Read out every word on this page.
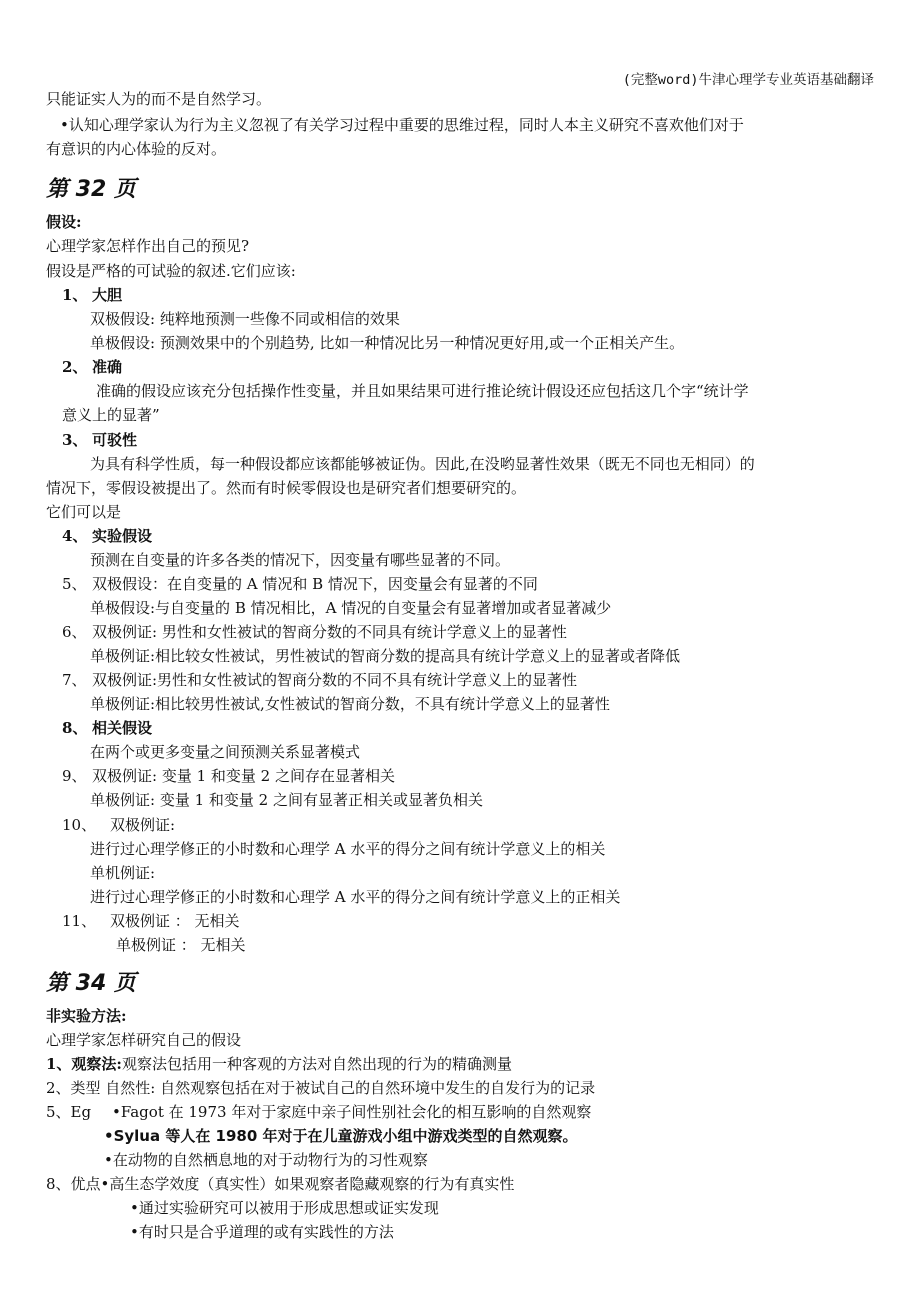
(完整word)牛津心理学专业英语基础翻译
只能证实人为的而不是自然学习。
•认知心理学家认为行为主义忽视了有关学习过程中重要的思维过程，同时人本主义研究不喜欢他们对于
有意识的内心体验的反对。
第 32 页
假设:
心理学家怎样作出自己的预见?
假设是严格的可试验的叙述.它们应该:
1、 大胆
双极假设: 纯粹地预测一些像不同或相信的效果
单极假设: 预测效果中的个别趋势, 比如一种情况比另一种情况更好用,或一个正相关产生。
2、 准确
准确的假设应该充分包括操作性变量，并且如果结果可进行推论统计假设还应包括这几个字“统计学
意义上的显著”
3、 可驳性
为具有科学性质，每一种假设都应该都能够被证伪。因此,在没哟显著性效果（既无不同也无相同）的
情况下，零假设被提出了。然而有时候零假设也是研究者们想要研究的。
它们可以是
4、 实验假设
预测在自变量的许多各类的情况下，因变量有哪些显著的不同。
5、 双极假设：在自变量的 A 情况和 B 情况下，因变量会有显著的不同
单极假设:与自变量的 B 情况相比，A 情况的自变量会有显著增加或者显著减少
6、 双极例证: 男性和女性被试的智商分数的不同具有统计学意义上的显著性
单极例证:相比较女性被试，男性被试的智商分数的提高具有统计学意义上的显著或者降低
7、 双极例证:男性和女性被试的智商分数的不同不具有统计学意义上的显著性
单极例证:相比较男性被试,女性被试的智商分数，不具有统计学意义上的显著性
8、 相关假设
在两个或更多变量之间预测关系显著模式
9、 双极例证: 变量 1 和变量 2 之间存在显著相关
单极例证: 变量 1 和变量 2 之间有显著正相关或显著负相关
10、 双极例证:
进行过心理学修正的小时数和心理学 A 水平的得分之间有统计学意义上的相关
单机例证:
进行过心理学修正的小时数和心理学 A 水平的得分之间有统计学意义上的正相关
11、 双极例证 ： 无相关
单极例证 ： 无相关
第 34 页
非实验方法:
心理学家怎样研究自己的假设
1、观察法:观察法包括用一种客观的方法对自然出现的行为的精确测量
2、类型 自然性: 自然观察包括在对于被试自己的自然环境中发生的自发行为的记录
5、Eg •Fagot 在 1973 年对于家庭中亲子间性别社会化的相互影响的自然观察
•Sylua 等人在 1980 年对于在儿童游戏小组中游戏类型的自然观察。
•在动物的自然栖息地的对于动物行为的习性观察
8、优点•高生态学效度（真实性）如果观察者隐藏观察的行为有真实性
•通过实验研究可以被用于形成思想或证实发现
•有时只是合乎道理的或有实践性的方法
